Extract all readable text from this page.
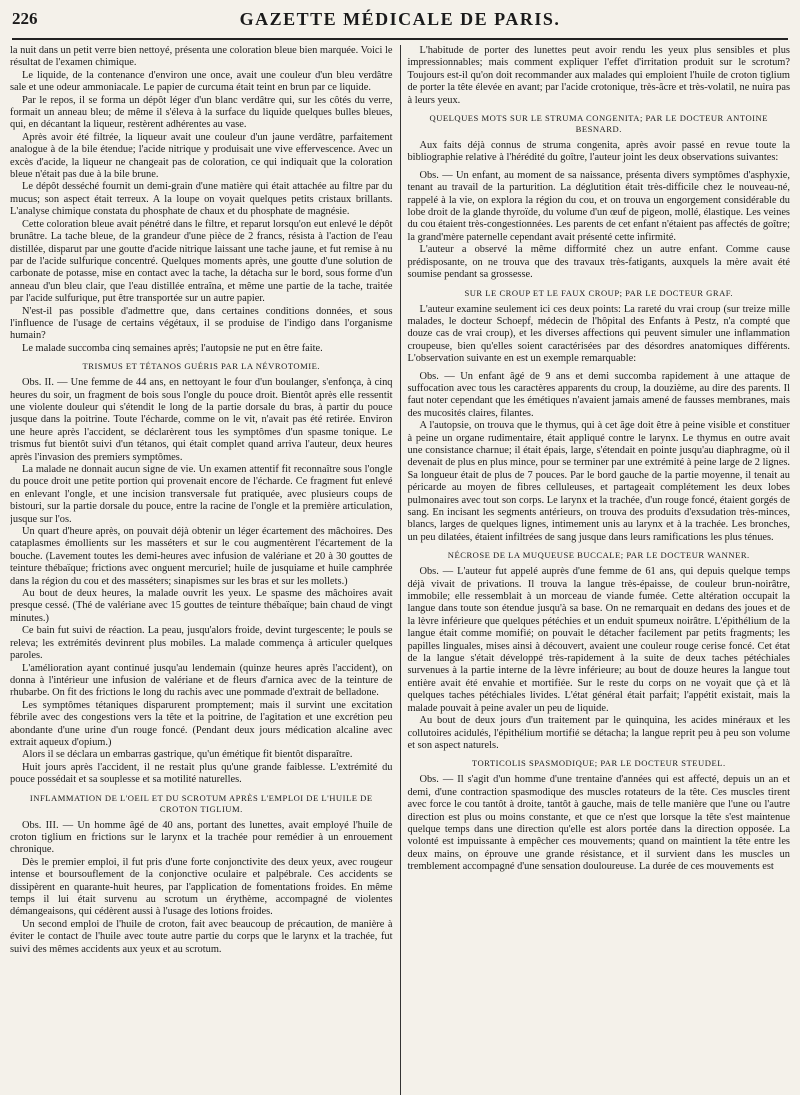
226	GAZETTE MÉDICALE DE PARIS.

la nuit dans un petit verre bien nettoyé, présenta une coloration bleue bien marquée. Voici le résultat de l'examen chimique.

Le liquide, de la contenance d'environ une once, avait une couleur d'un bleu verdâtre sale et une odeur ammoniacale. Le papier de curcuma était teint en brun par ce liquide.

Par le repos, il se forma un dépôt léger d'un blanc verdâtre qui, sur les côtés du verre, formait un anneau bleu; de même il s'éleva à la surface du liquide quelques bulles bleues, qui, en décantant la liqueur, restèrent adhérentes au vase.

Après avoir été filtrée, la liqueur avait une couleur d'un jaune verdâtre, parfaitement analogue à de la bile étendue; l'acide nitrique y produisait une vive effervescence. Avec un excès d'acide, la liqueur ne changeait pas de coloration, ce qui indiquait que la coloration bleue n'était pas due à la bile brune.

Le dépôt desséché fournit un demi-grain d'une matière qui était attachée au filtre par du mucus; son aspect était terreux. A la loupe on voyait quelques petits cristaux brillants. L'analyse chimique constata du phosphate de chaux et du phosphate de magnésie.

Cette coloration bleue avait pénétré dans le filtre, et reparut lorsqu'on eut enlevé le dépôt brunâtre. La tache bleue, de la grandeur d'une pièce de 2 francs, résista à l'action de l'eau distillée, disparut par une goutte d'acide nitrique laissant une tache jaune, et fut remise à nu par de l'acide sulfurique concentré. Quelques moments après, une goutte d'une solution de carbonate de potasse, mise en contact avec la tache, la détacha sur le bord, sous forme d'un anneau d'un bleu clair, que l'eau distillée entraîna, et même une partie de la tache, traitée par l'acide sulfurique, put être transportée sur un autre papier.

N'est-il pas possible d'admettre que, dans certaines conditions données, et sous l'influence de l'usage de certains végétaux, il se produise de l'indigo dans l'organisme humain?

Le malade succomba cinq semaines après; l'autopsie ne put en être faite.

TRISMUS ET TÉTANOS GUÉRIS PAR LA NÉVROTOMIE.

Obs. II. — Une femme de 44 ans, en nettoyant le four d'un boulanger, s'enfonça, à cinq heures du soir, un fragment de bois sous l'ongle du pouce droit. Bientôt après elle ressentit une violente douleur qui s'étendit le long de la partie dorsale du bras, à partir du pouce jusque dans la poitrine. Toute l'écharde, comme on le vit, n'avait pas été retirée. Environ une heure après l'accident, se déclarèrent tous les symptômes d'un spasme tonique. Le trismus fut bientôt suivi d'un tétanos, qui était complet quand arriva l'auteur, deux heures après l'invasion des premiers symptômes.

La malade ne donnait aucun signe de vie. Un examen attentif fit reconnaître sous l'ongle du pouce droit une petite portion qui provenait encore de l'écharde. Ce fragment fut enlevé en enlevant l'ongle, et une incision transversale fut pratiquée, avec plusieurs coups de bistouri, sur la partie dorsale du pouce, entre la racine de l'ongle et la première articulation, jusque sur l'os.

Un quart d'heure après, on pouvait déjà obtenir un léger écartement des mâchoires. Des cataplasmes émollients sur les masséters et sur le cou augmentèrent l'écartement de la bouche. (Lavement toutes les demi-heures avec infusion de valériane et 20 à 30 gouttes de teinture thébaïque; frictions avec onguent mercuriel; huile de jusquiame et huile camphrée dans la région du cou et des masséters; sinapismes sur les bras et sur les mollets.)

Au bout de deux heures, la malade ouvrit les yeux. Le spasme des mâchoires avait presque cessé. (Thé de valériane avec 15 gouttes de teinture thébaïque; bain chaud de vingt minutes.)

Ce bain fut suivi de réaction. La peau, jusqu'alors froide, devint turgescente; le pouls se releva; les extrémités devinrent plus mobiles. La malade commença à articuler quelques paroles.

L'amélioration ayant continué jusqu'au lendemain (quinze heures après l'accident), on donna à l'intérieur une infusion de valériane et de fleurs d'arnica avec de la teinture de rhubarbe. On fit des frictions le long du rachis avec une pommade d'extrait de belladone.

Les symptômes tétaniques disparurent promptement; mais il survint une excitation fébrile avec des congestions vers la tête et la poitrine, de l'agitation et une excrétion peu abondante d'une urine d'un rouge foncé. (Pendant deux jours médication alcaline avec extrait aqueux d'opium.)

Alors il se déclara un embarras gastrique, qu'un émétique fit bientôt disparaître.

Huit jours après l'accident, il ne restait plus qu'une grande faiblesse. L'extrémité du pouce possédait et sa souplesse et sa motilité naturelles.

INFLAMMATION DE L'OEIL ET DU SCROTUM APRÈS L'EMPLOI DE L'HUILE DE CROTON TIGLIUM.

Obs. III. — Un homme âgé de 40 ans, portant des lunettes, avait employé l'huile de croton tiglium en frictions sur le larynx et la trachée pour remédier à un enrouement chronique.

Dès le premier emploi, il fut pris d'une forte conjonctivite des deux yeux, avec rougeur intense et boursouflement de la conjonctive oculaire et palpébrale. Ces accidents se dissipèrent en quarante-huit heures, par l'application de fomentations froides. En même temps il lui était survenu au scrotum un érythème, accompagné de violentes démangeaisons, qui cédèrent aussi à l'usage des lotions froides.

Un second emploi de l'huile de croton, fait avec beaucoup de précaution, de manière à éviter le contact de l'huile avec toute autre partie du corps que le larynx et la trachée, fut suivi des mêmes accidents aux yeux et au scrotum.

L'habitude de porter des lunettes peut avoir rendu les yeux plus sensibles et plus impressionnables; mais comment expliquer l'effet d'irritation produit sur le scrotum? Toujours est-il qu'on doit recommander aux malades qui emploient l'huile de croton tiglium de porter la tête élevée en avant; par l'acide crotonique, très-âcre et très-volatil, ne nuira pas à leurs yeux.

QUELQUES MOTS SUR LE STRUMA CONGENITA; PAR LE DOCTEUR ANTOINE BESNARD.

Aux faits déjà connus de struma congenita, après avoir passé en revue toute la bibliographie relative à l'hérédité du goître, l'auteur joint les deux observations suivantes:

Obs. — Un enfant, au moment de sa naissance, présenta divers symptômes d'asphyxie, tenant au travail de la parturition. La déglutition était très-difficile chez le nouveau-né, rappelé à la vie, on explora la région du cou, et on trouva un engorgement considérable du lobe droit de la glande thyroïde, du volume d'un œuf de pigeon, mollé, élastique. Les veines du cou étaient très-congestionnées. Les parents de cet enfant n'étaient pas affectés de goître; la grand'mère paternelle cependant avait présenté cette infirmité.

L'auteur a observé la même difformité chez un autre enfant. Comme cause prédisposante, on ne trouva que des travaux très-fatigants, auxquels la mère avait été soumise pendant sa grossesse.

SUR LE CROUP ET LE FAUX CROUP; PAR LE DOCTEUR GRAF.

L'auteur examine seulement ici ces deux points: La rareté du vrai croup (sur treize mille malades, le docteur Schoepf, médecin de l'hôpital des Enfants à Pestz, n'a compté que douze cas de vrai croup), et les diverses affections qui peuvent simuler une inflammation croupeuse, bien qu'elles soient caractérisées par des désordres anatomiques différents. L'observation suivante en est un exemple remarquable:

Obs. — Un enfant âgé de 9 ans et demi succomba rapidement à une attaque de suffocation avec tous les caractères apparents du croup, la douzième, au dire des parents. Il faut noter cependant que les émétiques n'avaient jamais amené de fausses membranes, mais des mucosités claires, filantes.

A l'autopsie, on trouva que le thymus, qui à cet âge doit être à peine visible et constituer à peine un organe rudimentaire, était appliqué contre le larynx. Le thymus en outre avait une consistance charnue; il était épais, large, s'étendait en pointe jusqu'au diaphragme, où il devenait de plus en plus mince, pour se terminer par une extrémité à peine large de 2 lignes. Sa longueur était de plus de 7 pouces. Par le bord gauche de la partie moyenne, il tenait au péricarde au moyen de fibres celluleuses, et partageait complétement les deux lobes pulmonaires avec tout son corps. Le larynx et la trachée, d'un rouge foncé, étaient gorgés de sang. En incisant les segments antérieurs, on trouva des produits d'exsudation très-minces, blancs, larges de quelques lignes, intimement unis au larynx et à la trachée. Les bronches, un peu dilatées, étaient infiltrées de sang jusque dans leurs ramifications les plus ténues.

NÉCROSE DE LA MUQUEUSE BUCCALE; PAR LE DOCTEUR WANNER.

Obs. — L'auteur fut appelé auprès d'une femme de 61 ans, qui depuis quelque temps déjà vivait de privations. Il trouva la langue très-épaisse, de couleur brun-noirâtre, immobile; elle ressemblait à un morceau de viande fumée. Cette altération occupait la langue dans toute son étendue jusqu'à sa base. On ne remarquait en dedans des joues et de la lèvre inférieure que quelques pétéchies et un enduit spumeux noirâtre. L'épithélium de la langue était comme momifié; on pouvait le détacher facilement par petits fragments; les papilles linguales, mises ainsi à découvert, avaient une couleur rouge cerise foncé. Cet état de la langue s'était développé très-rapidement à la suite de deux taches pétéchiales survenues à la partie interne de la lèvre inférieure; au bout de douze heures la langue tout entière avait été envahie et mortifiée. Sur le reste du corps on ne voyait que çà et là quelques taches pétéchiales livides. L'état général était parfait; l'appétit existait, mais la malade pouvait à peine avaler un peu de liquide.

Au bout de deux jours d'un traitement par le quinquina, les acides minéraux et les collutoires acidulés, l'épithélium mortifié se détacha; la langue reprit peu à peu son volume et son aspect naturels.

TORTICOLIS SPASMODIQUE; PAR LE DOCTEUR STEUDEL.

Obs. — Il s'agit d'un homme d'une trentaine d'années qui est affecté, depuis un an et demi, d'une contraction spasmodique des muscles rotateurs de la tête. Ces muscles tirent avec force le cou tantôt à droite, tantôt à gauche, mais de telle manière que l'une ou l'autre direction est plus ou moins constante, et que ce n'est que lorsque la tête s'est maintenue quelque temps dans une direction qu'elle est alors portée dans la direction opposée. La volonté est impuissante à empêcher ces mouvements; quand on maintient la tête entre les deux mains, on éprouve une grande résistance, et il survient dans les muscles un tremblement accompagné d'une sensation douloureuse. La durée de ces mouvements est
